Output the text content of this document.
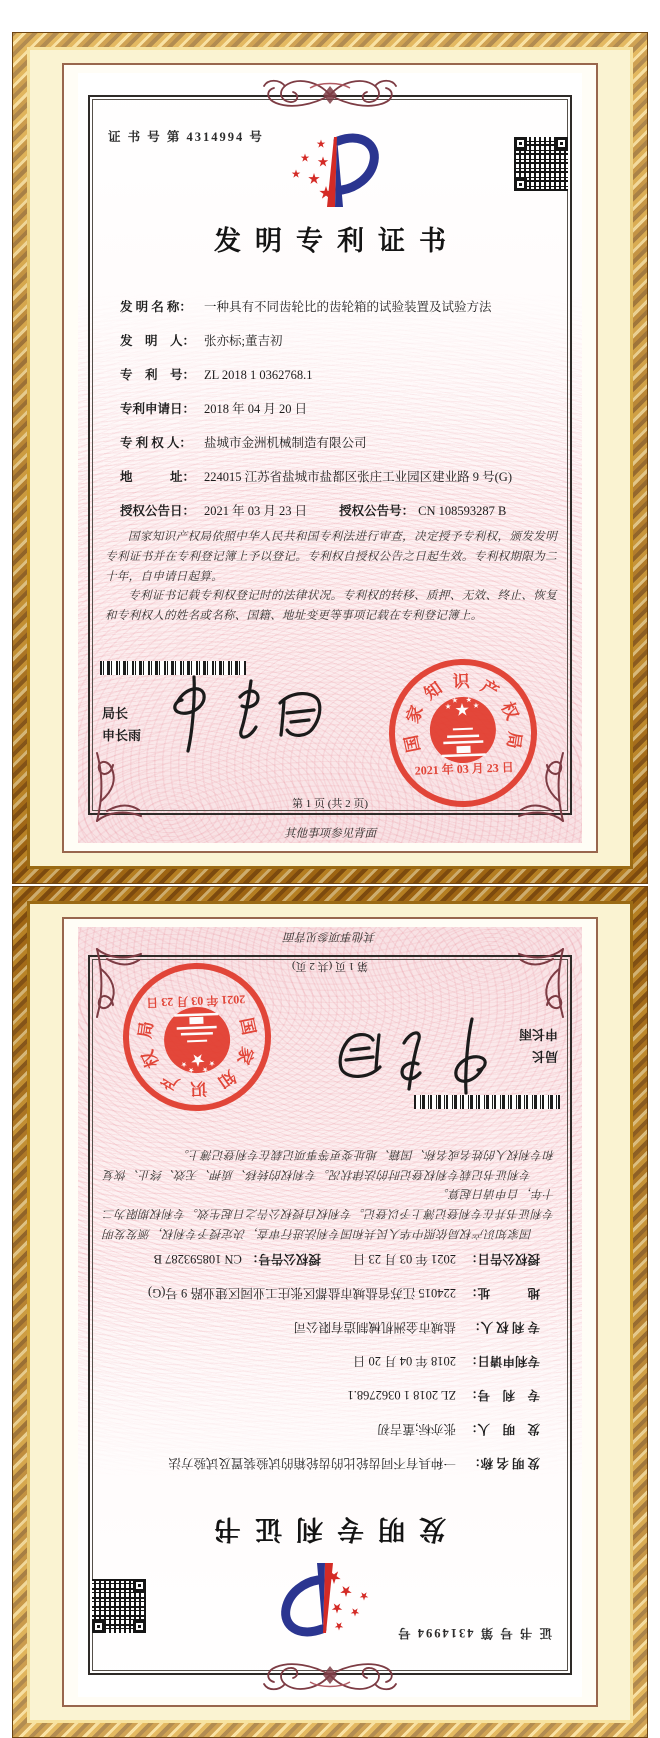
证 书 号 第 4314994 号
发明专利证书
发 明 名 称： 一种具有不同齿轮比的齿轮箱的试验装置及试验方法
发　明　人： 张亦标;董吉初
专　利　号： ZL 2018 1 0362768.1
专利申请日： 2018 年 04 月 20 日
专 利 权 人： 盐城市金洲机械制造有限公司
地　　　址： 224015 江苏省盐城市盐都区张庄工业园区建业路 9 号(G)
授权公告日： 2021 年 03 月 23 日	授权公告号： CN 108593287 B

国家知识产权局依照中华人民共和国专利法进行审查，决定授予专利权，颁发发明专利证书并在专利登记簿上予以登记。专利权自授权公告之日起生效。专利权期限为二十年，自申请日起算。

专利证书记载专利权登记时的法律状况。专利权的转移、质押、无效、终止、恢复和专利权人的姓名或名称、国籍、地址变更等事项记载在专利登记簿上。

局长
申长雨	国
家
知 识 产
权
局
2021 年 03 月 23 日
第 1 页 (共 2 页)
其他事项参见背面
证 书 号 第 4314994 号
发明专利证书
发 明 名 称：
一种具有不同齿轮比的齿轮箱的试验装置及试验方法
发　明　人：
张亦标;董吉初
专　利　号：
ZL 2018 1 0362768.1
专利申请日：
2018 年 04 月 20 日
专 利 权 人：
盐城市金洲机械制造有限公司
地　　　址：
224015 江苏省盐城市盐都区张庄工业园区建业路 9 号(G)
授权公告日：
2021 年 03 月 23 日
授权公告号：
CN 108593287 B

国家知识产权局依照中华人民共和国专利法进行审查，决定授予专利权，颁发发明专利证书并在专利登记簿上予以登记。专利权自授权公告之日起生效。专利权期限为二十年，自申请日起算。

专利证书记载专利权登记时的法律状况。专利权的转移、质押、无效、终止、恢复和专利权人的姓名或名称、国籍、地址变更等事项记载在专利登记簿上。

局长
申长雨
国
家
知
识
产
权
局
2021 年 03 月 23 日
第 1 页 (共 2 页)
其他事项参见背面
